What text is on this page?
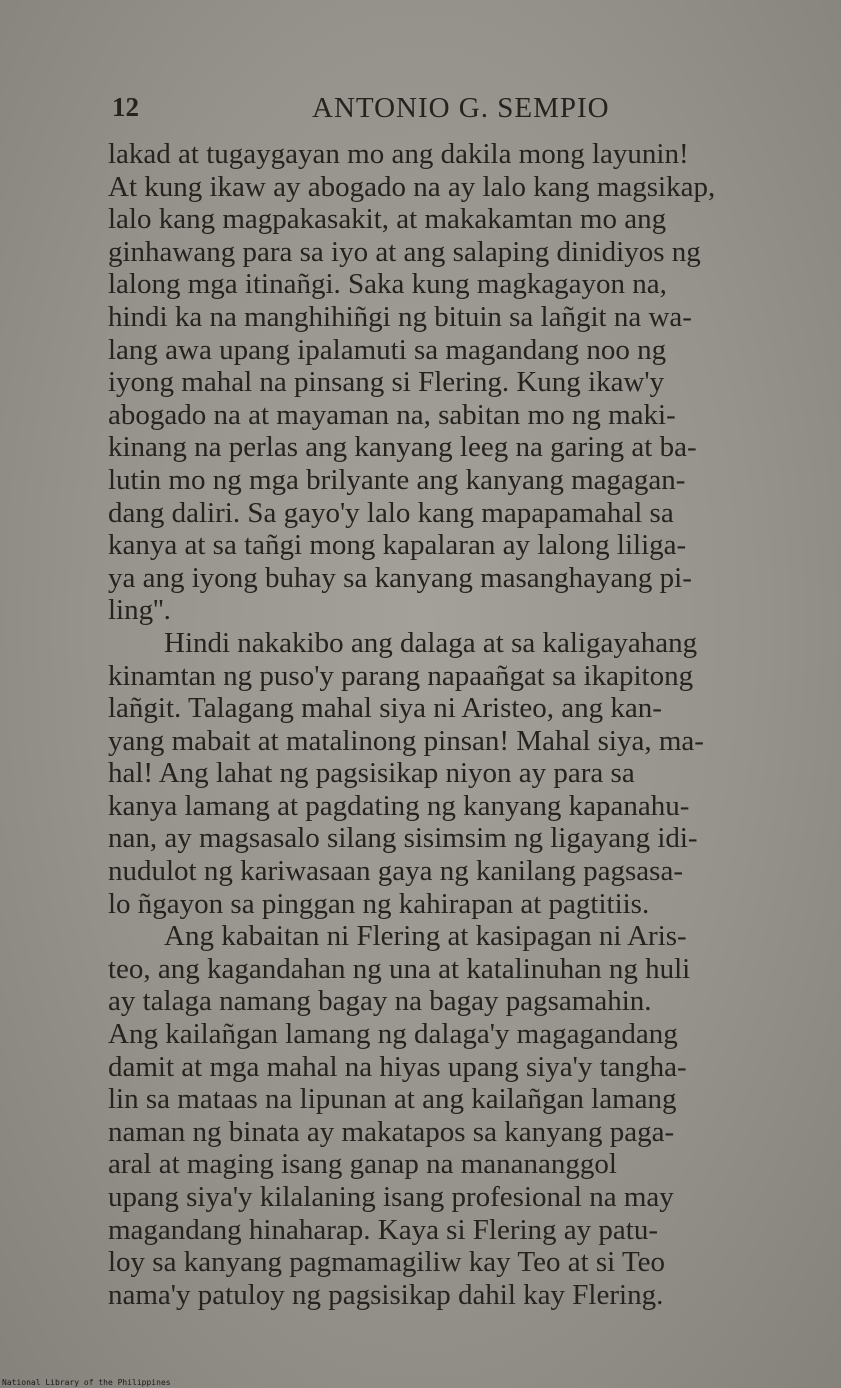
12	ANTONIO G. SEMPIO
lakad at tugaygayan mo ang dakila mong layunin!
At kung ikaw ay abogado na ay lalo kang magsikap,
lalo kang magpakasakit, at makakamtan mo ang
ginhawang para sa iyo at ang salaping dinidiyos ng
lalong mga itinañgi. Saka kung magkagayon na,
hindi ka na manghihiñgi ng bituin sa lañgit na wa-
lang awa upang ipalamuti sa magandang noo ng
iyong mahal na pinsang si Flering. Kung ikaw'y
abogado na at mayaman na, sabitan mo ng maki-
kinang na perlas ang kanyang leeg na garing at ba-
lutin mo ng mga brilyante ang kanyang magagan-
dang daliri. Sa gayo'y lalo kang mapapamahal sa
kanya at sa tañgi mong kapalaran ay lalong liliga-
ya ang iyong buhay sa kanyang masanghayang pi-
ling''.
Hindi nakakibo ang dalaga at sa kaligayahang
kinamtan ng puso'y parang napaañgat sa ikapitong
lañgit. Talagang mahal siya ni Aristeo, ang kan-
yang mabait at matalinong pinsan! Mahal siya, ma-
hal! Ang lahat ng pagsisikap niyon ay para sa
kanya lamang at pagdating ng kanyang kapanahu-
nan, ay magsasalo silang sisimsim ng ligayang idi-
nudulot ng kariwasaan gaya ng kanilang pagsasa-
lo ñgayon sa pinggan ng kahirapan at pagtitiis.
Ang kabaitan ni Flering at kasipagan ni Aris-
teo, ang kagandahan ng una at katalinuhan ng huli
ay talaga namang bagay na bagay pagsamahin.
Ang kailañgan lamang ng dalaga'y magagandang
damit at mga mahal na hiyas upang siya'y tangha-
lin sa mataas na lipunan at ang kailañgan lamang
naman ng binata ay makatapos sa kanyang paga-
aral at maging isang ganap na manananggol
upang siya'y kilalaning isang profesional na may
magandang hinaharap. Kaya si Flering ay patu-
loy sa kanyang pagmamagiliw kay Teo at si Teo
nama'y patuloy ng pagsisikap dahil kay Flering.
National Library of the Philippines
